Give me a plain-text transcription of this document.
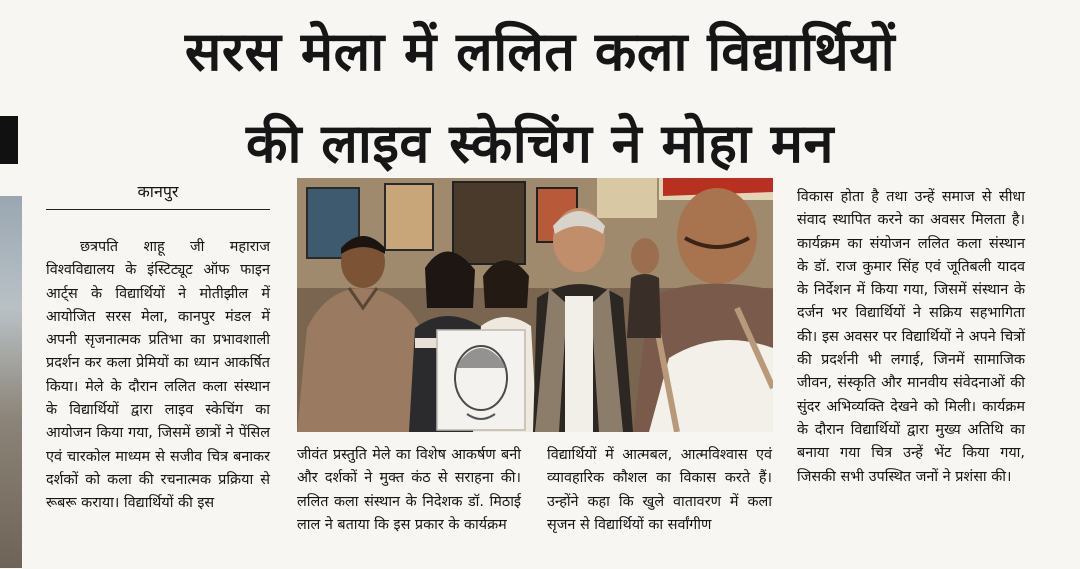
सरस मेला में ललित कला विद्यार्थियों
की लाइव स्केचिंग ने मोहा मन
कानपुर

छत्रपति शाहू जी महाराज विश्वविद्यालय के इंस्टिट्यूट ऑफ फाइन आर्ट्स के विद्यार्थियों ने मोतीझील में आयोजित सरस मेला, कानपुर मंडल में अपनी सृजनात्मक प्रतिभा का प्रभावशाली प्रदर्शन कर कला प्रेमियों का ध्यान आकर्षित किया। मेले के दौरान ललित कला संस्थान के विद्यार्थियों द्वारा लाइव स्केचिंग का आयोजन किया गया, जिसमें छात्रों ने पेंसिल एवं चारकोल माध्यम से सजीव चित्र बनाकर दर्शकों को कला की रचनात्मक प्रक्रिया से रूबरू कराया। विद्यार्थियों की इस

जीवंत प्रस्तुति मेले का विशेष आकर्षण बनी और दर्शकों ने मुक्त कंठ से सराहना की। ललित कला संस्थान के निदेशक डॉ. मिठाई लाल ने बताया कि इस प्रकार के कार्यक्रम

विद्यार्थियों में आत्मबल, आत्मविश्वास एवं व्यावहारिक कौशल का विकास करते हैं। उन्होंने कहा कि खुले वातावरण में कला सृजन से विद्यार्थियों का सर्वांगीण

विकास होता है तथा उन्हें समाज से सीधा संवाद स्थापित करने का अवसर मिलता है। कार्यक्रम का संयोजन ललित कला संस्थान के डॉ. राज कुमार सिंह एवं जूतिबली यादव के निर्देशन में किया गया, जिसमें संस्थान के दर्जन भर विद्यार्थियों ने सक्रिय सहभागिता की। इस अवसर पर विद्यार्थियों ने अपने चित्रों की प्रदर्शनी भी लगाई, जिनमें सामाजिक जीवन, संस्कृति और मानवीय संवेदनाओं की सुंदर अभिव्यक्ति देखने को मिली। कार्यक्रम के दौरान विद्यार्थियों द्वारा मुख्य अतिथि का बनाया गया चित्र उन्हें भेंट किया गया, जिसकी सभी उपस्थित जनों ने प्रशंसा की।
